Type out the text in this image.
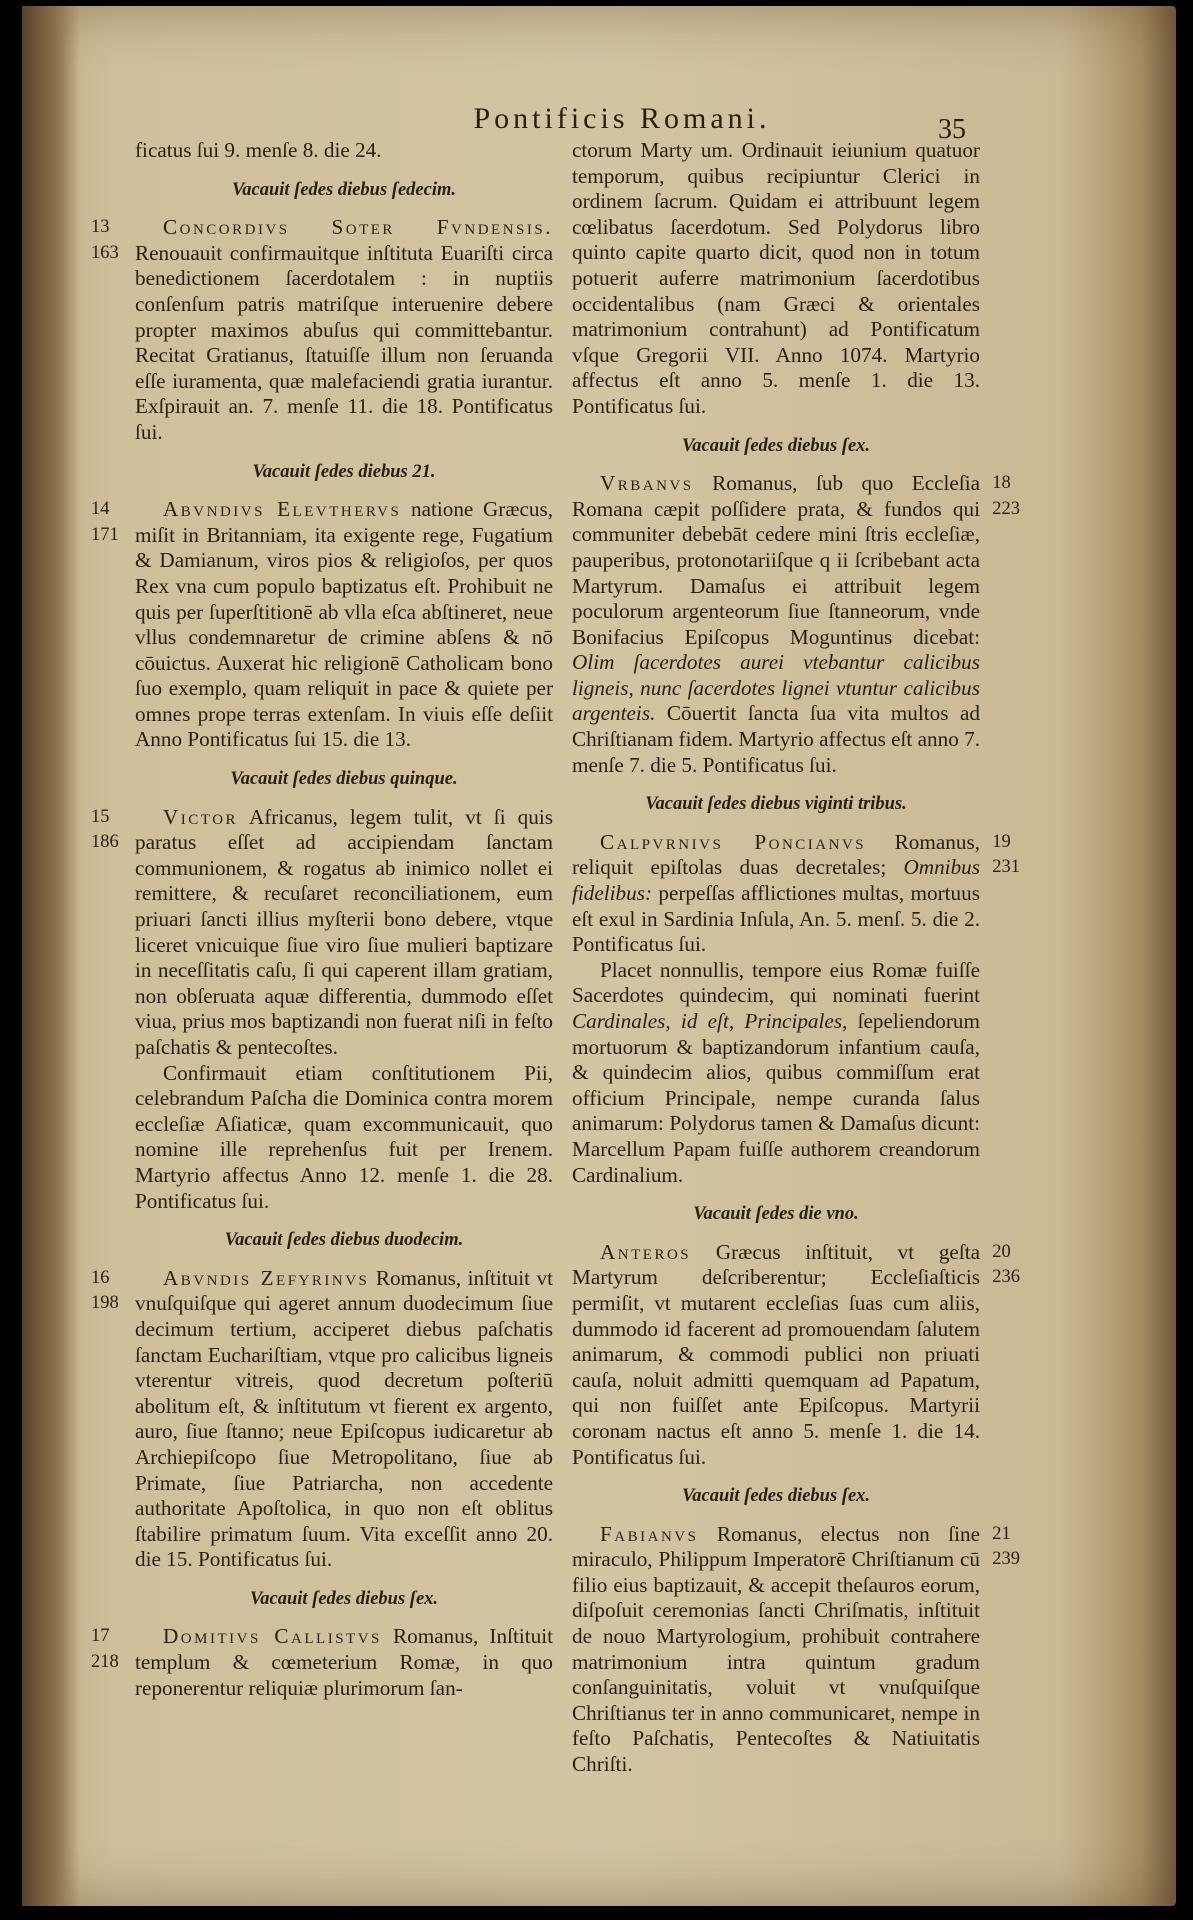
Pontificis Romani.	35

ficatus ſui 9. menſe 8. die 24.

Vacauit ſedes diebus ſedecim.

13
163

Concordivs Soter Fvndensis. Renouauit confirmauitque inſtituta Euariſti circa benedictionem ſacerdotalem : in nuptiis conſenſum patris matriſque interuenire debere propter maximos abuſus qui committebantur. Recitat Gratianus, ſtatuiſſe illum non ſeruanda eſſe iuramenta, quæ malefaciendi gratia iurantur. Exſpirauit an. 7. menſe 11. die 18. Pontificatus ſui.

Vacauit ſedes diebus 21.

14
171

Abvndivs Elevthervs natione Græcus, miſit in Britanniam, ita exigente rege, Fugatium & Damianum, viros pios & religioſos, per quos Rex vna cum populo baptizatus eſt. Prohibuit ne quis per ſuperſtitionē ab vlla eſca abſtineret, neue vllus condemnaretur de crimine abſens & nō cōuictus. Auxerat hic religionē Catholicam bono ſuo exemplo, quam reliquit in pace & quiete per omnes prope terras extenſam. In viuis eſſe deſiit Anno Pontificatus ſui 15. die 13.

Vacauit ſedes diebus quinque.

15
186

Victor Africanus, legem tulit, vt ſi quis paratus eſſet ad accipiendam ſanctam communionem, & rogatus ab inimico nollet ei remittere, & recuſaret reconciliationem, eum priuari ſancti illius myſterii bono debere, vtque liceret vnicuique ſiue viro ſiue mulieri baptizare in neceſſitatis caſu, ſi qui caperent illam gratiam, non obſeruata aquæ differentia, dummodo eſſet viua, prius mos baptizandi non fuerat niſi in feſto paſchatis & pentecoſtes.

Confirmauit etiam conſtitutionem Pii, celebrandum Paſcha die Dominica contra morem eccleſiæ Aſiaticæ, quam excommunicauit, quo nomine ille reprehenſus fuit per Irenem. Martyrio affectus Anno 12. menſe 1. die 28. Pontificatus ſui.

Vacauit ſedes diebus duodecim.

16
198

Abvndis Zefyrinvs Romanus, inſtituit vt vnuſquiſque qui ageret annum duodecimum ſiue decimum tertium, acciperet diebus paſchatis ſanctam Euchariſtiam, vtque pro calicibus ligneis vterentur vitreis, quod decretum poſteriū abolitum eſt, & inſtitutum vt fierent ex argento, auro, ſiue ſtanno; neue Epiſcopus iudicaretur ab Archiepiſcopo ſiue Metropolitano, ſiue ab Primate, ſiue Patriarcha, non accedente authoritate Apoſtolica, in quo non eſt oblitus ſtabilire primatum ſuum. Vita exceſſit anno 20. die 15. Pontificatus ſui.

Vacauit ſedes diebus ſex.

17
218

Domitivs Callistvs Romanus, Inſtituit templum & cœmeterium Romæ, in quo reponerentur reliquiæ plurimorum ſan-

ctorum Marty um. Ordinauit ieiunium quatuor temporum, quibus recipiuntur Clerici in ordinem ſacrum. Quidam ei attribuunt legem cœlibatus ſacerdotum. Sed Polydorus libro quinto capite quarto dicit, quod non in totum potuerit auferre matrimonium ſacerdotibus occidentalibus (nam Græci & orientales matrimonium contrahunt) ad Pontificatum vſque Gregorii VII. Anno 1074. Martyrio affectus eſt anno 5. menſe 1. die 13. Pontificatus ſui.

Vacauit ſedes diebus ſex.

18
223

Vrbanvs Romanus, ſub quo Eccleſia Romana cæpit poſſidere prata, & fundos qui communiter debebāt cedere mini ſtris eccleſiæ, pauperibus, protonotariiſque q ii ſcribebant acta Martyrum. Damaſus ei attribuit legem poculorum argenteorum ſiue ſtanneorum, vnde Bonifacius Epiſcopus Moguntinus dicebat: Olim ſacerdotes aurei vtebantur calicibus ligneis, nunc ſacerdotes lignei vtuntur calicibus argenteis. Cōuertit ſancta ſua vita multos ad Chriſtianam fidem. Martyrio affectus eſt anno 7. menſe 7. die 5. Pontificatus ſui.

Vacauit ſedes diebus viginti tribus.

19
231

Calpvrnivs Poncianvs Romanus, reliquit epiſtolas duas decretales; Omnibus fidelibus: perpeſſas afflictiones multas, mortuus eſt exul in Sardinia Inſula, An. 5. menſ. 5. die 2. Pontificatus ſui.

Placet nonnullis, tempore eius Romæ fuiſſe Sacerdotes quindecim, qui nominati fuerint Cardinales, id eſt, Principales, ſepeliendorum mortuorum & baptizandorum infantium cauſa, & quindecim alios, quibus commiſſum erat officium Principale, nempe curanda ſalus animarum: Polydorus tamen & Damaſus dicunt: Marcellum Papam fuiſſe authorem creandorum Cardinalium.

Vacauit ſedes die vno.

20
236

Anteros Græcus inſtituit, vt geſta Martyrum deſcriberentur; Eccleſiaſticis permiſit, vt mutarent eccleſias ſuas cum aliis, dummodo id facerent ad promouendam ſalutem animarum, & commodi publici non priuati cauſa, noluit admitti quemquam ad Papatum, qui non fuiſſet ante Epiſcopus. Martyrii coronam nactus eſt anno 5. menſe 1. die 14. Pontificatus ſui.

Vacauit ſedes diebus ſex.

21
239

Fabianvs Romanus, electus non ſine miraculo, Philippum Imperatorē Chriſtianum cū filio eius baptizauit, & accepit theſauros eorum, diſpoſuit ceremonias ſancti Chriſmatis, inſtituit de nouo Martyrologium, prohibuit contrahere matrimonium intra quintum gradum conſanguinitatis, voluit vt vnuſquiſque Chriſtianus ter in anno communicaret, nempe in feſto Paſchatis, Pentecoſtes & Natiuitatis Chriſti.
